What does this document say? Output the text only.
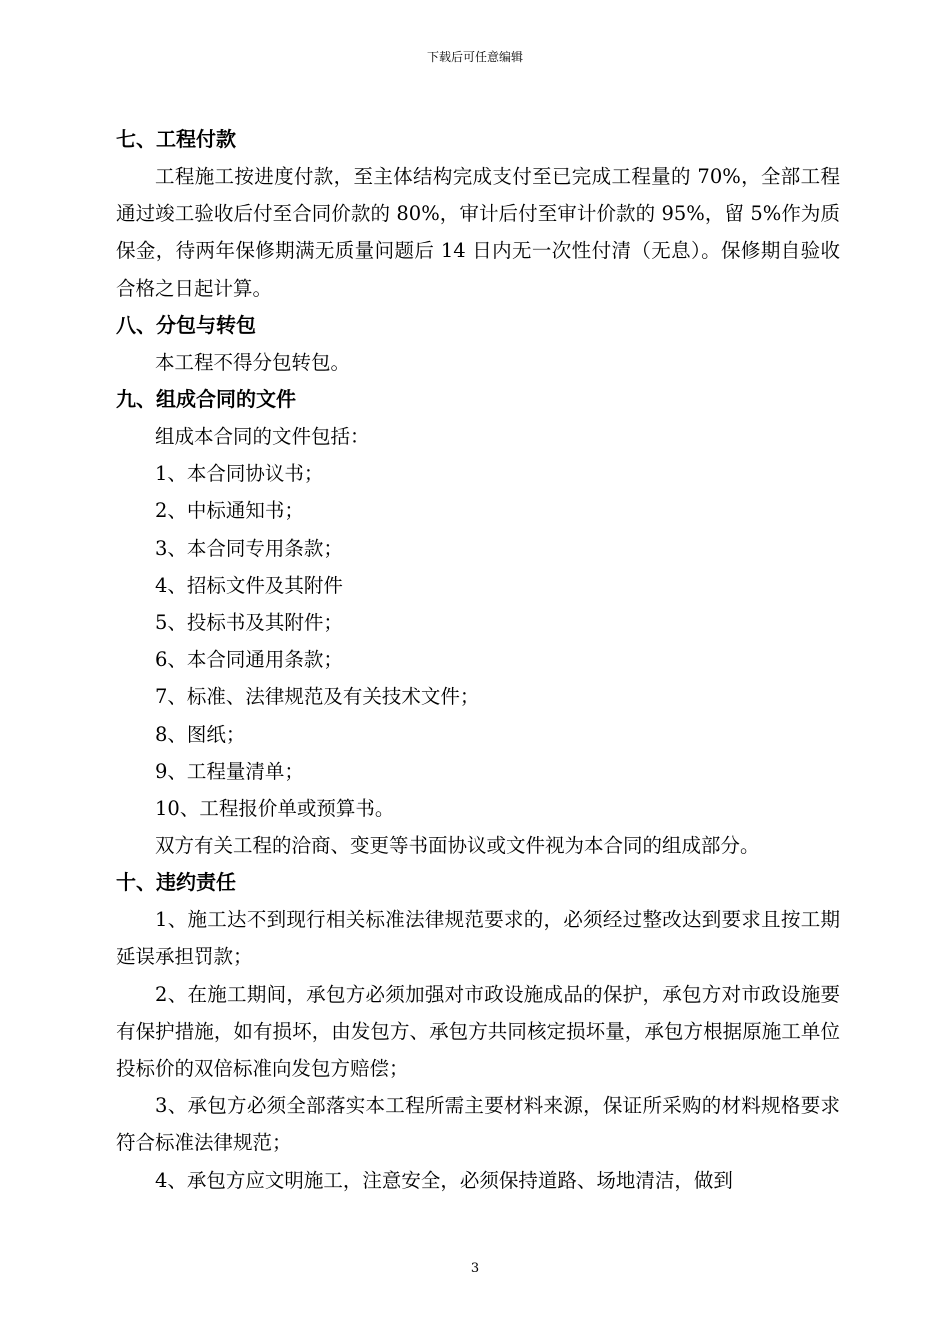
下载后可任意编辑
七、工程付款
工程施工按进度付款，至主体结构完成支付至已完成工程量的 70%，全部工程通过竣工验收后付至合同价款的 80%，审计后付至审计价款的 95%，留 5%作为质保金，待两年保修期满无质量问题后 14 日内无一次性付清（无息）。保修期自验收合格之日起计算。
八、分包与转包
本工程不得分包转包。
九、组成合同的文件
组成本合同的文件包括：
1、本合同协议书；
2、中标通知书；
3、本合同专用条款；
4、招标文件及其附件
5、投标书及其附件；
6、本合同通用条款；
7、标准、法律规范及有关技术文件；
8、图纸；
9、工程量清单；
10、工程报价单或预算书。
双方有关工程的洽商、变更等书面协议或文件视为本合同的组成部分。
十、违约责任
1、施工达不到现行相关标准法律规范要求的，必须经过整改达到要求且按工期延误承担罚款；
2、在施工期间，承包方必须加强对市政设施成品的保护，承包方对市政设施要有保护措施，如有损坏，由发包方、承包方共同核定损坏量，承包方根据原施工单位投标价的双倍标准向发包方赔偿；
3、承包方必须全部落实本工程所需主要材料来源，保证所采购的材料规格要求符合标准法律规范；
4、承包方应文明施工，注意安全，必须保持道路、场地清洁，做到
3
